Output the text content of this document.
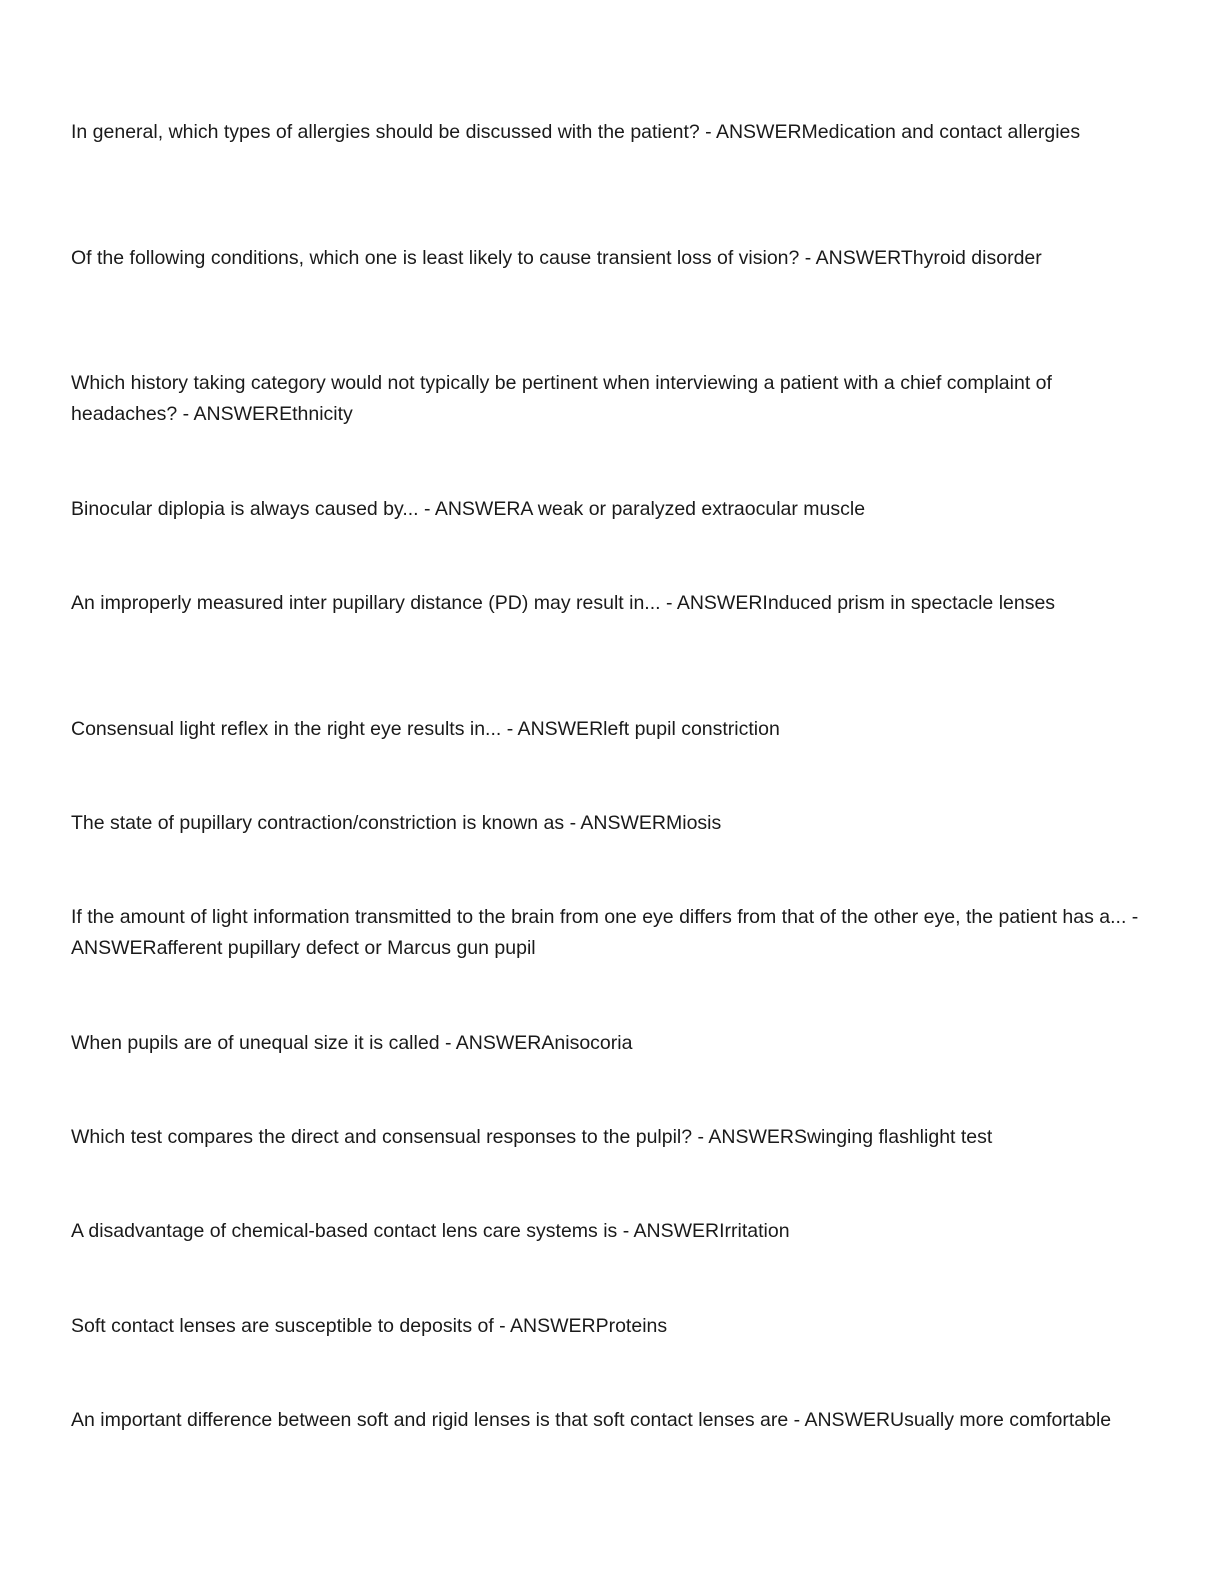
In general, which types of allergies should be discussed with the patient? - ANSWERMedication and contact allergies

Of the following conditions, which one is least likely to cause transient loss of vision? - ANSWERThyroid disorder

Which history taking category would not typically be pertinent when interviewing a patient with a chief complaint of headaches? - ANSWEREthnicity

Binocular diplopia is always caused by... - ANSWERA weak or paralyzed extraocular muscle

An improperly measured inter pupillary distance (PD) may result in... - ANSWERInduced prism in spectacle lenses

Consensual light reflex in the right eye results in... - ANSWERleft pupil constriction

The state of pupillary contraction/constriction is known as - ANSWERMiosis

If the amount of light information transmitted to the brain from one eye differs from that of the other eye, the patient has a... - ANSWERafferent pupillary defect or Marcus gun pupil

When pupils are of unequal size it is called - ANSWERAnisocoria

Which test compares the direct and consensual responses to the pulpil? - ANSWERSwinging flashlight test

A disadvantage of chemical-based contact lens care systems is - ANSWERIrritation

Soft contact lenses are susceptible to deposits of - ANSWERProteins

An important difference between soft and rigid lenses is that soft contact lenses are - ANSWERUsually more comfortable
